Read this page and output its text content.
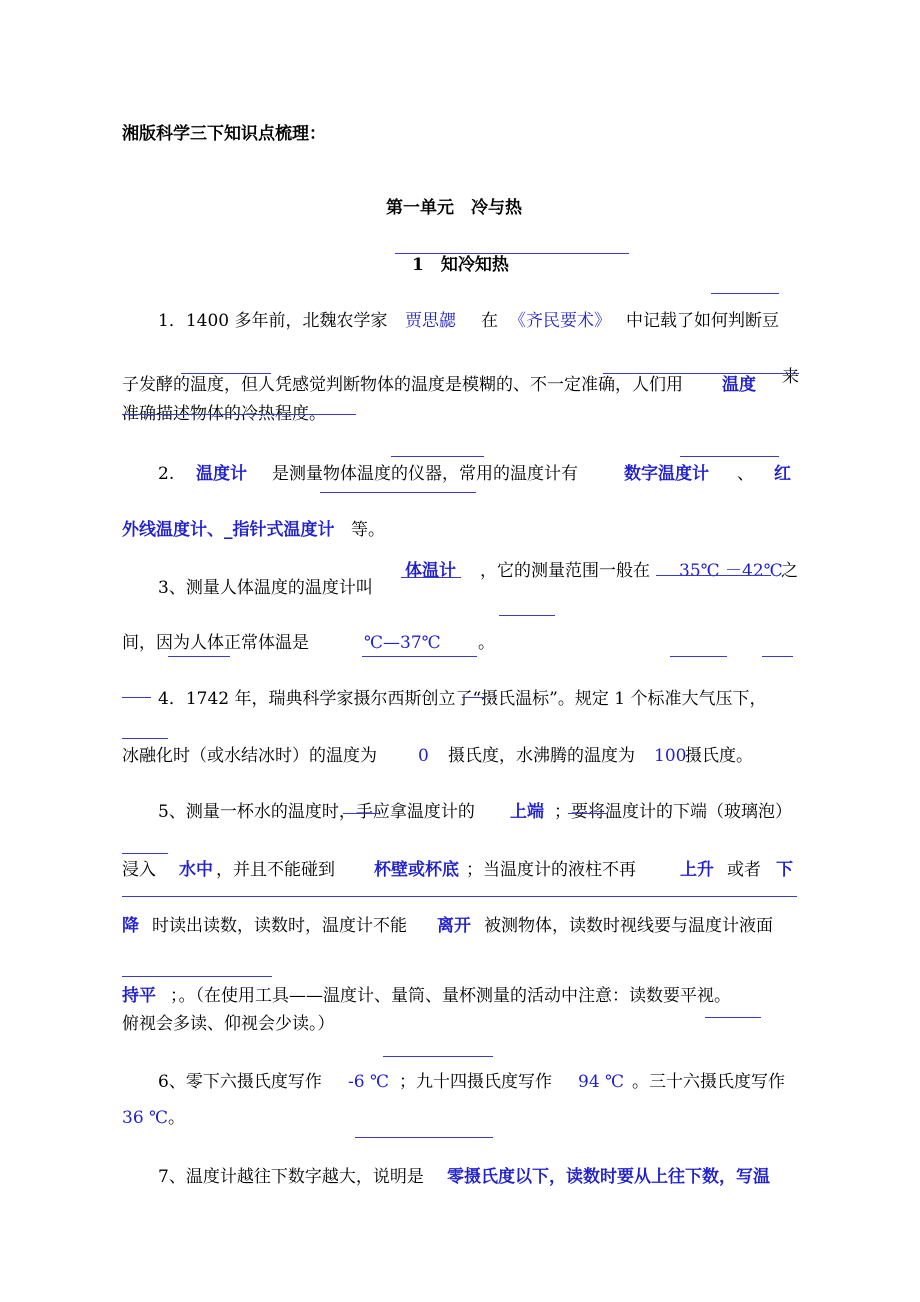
湘版科学三下知识点梳理：
第一单元　冷与热
1　知冷知热
1．1400 多年前，北魏农学家 贾思勰 在 《齐民要术》 中记载了如何判断豆
子发酵的温度，但人凭感觉判断物体的温度是模糊的、不一定准确，人们用 温度 来
准确描述物体的冷热程度。
2. 温度计 是测量物体温度的仪器，常用的温度计有	数字温度计 、 红
外线温度计、_指针式温度计 等。
3、测量人体温度的温度计叫
体温计 ，它的测量范围一般在 35℃ －42℃
之
间，因为人体正常体温是	℃—37℃ 。
4．1742 年，瑞典科学家摄尔西斯创立了“摄氏温标”。规定 1 个标准大气压下，
冰融化时（或水结冰时）的温度为 0 摄氏度，水沸腾的温度为 100
摄氏度。
5、测量一杯水的温度时，手应拿温度计的 上端 ；要将温度计的下端（玻璃泡）
浸入 水中 ，并且不能碰到 杯壁或杯底 ；当温度计的液柱不再	上升 或者 下
降 时读出读数，读数时，温度计不能 离开 被测物体，读数时视线要与温度计液面
持平 ；。（在使用工具——温度计、量筒、量杯测量的活动中注意：读数要平视。
俯视会多读、仰视会少读。）
6、零下六摄氏度写作 -6 ℃ ；九十四摄氏度写作 94 ℃ 。三十六摄氏度写作
36 ℃ 。
7、温度计越往下数字越大，说明是 零摄氏度以下，读数时要从上往下数，写温
